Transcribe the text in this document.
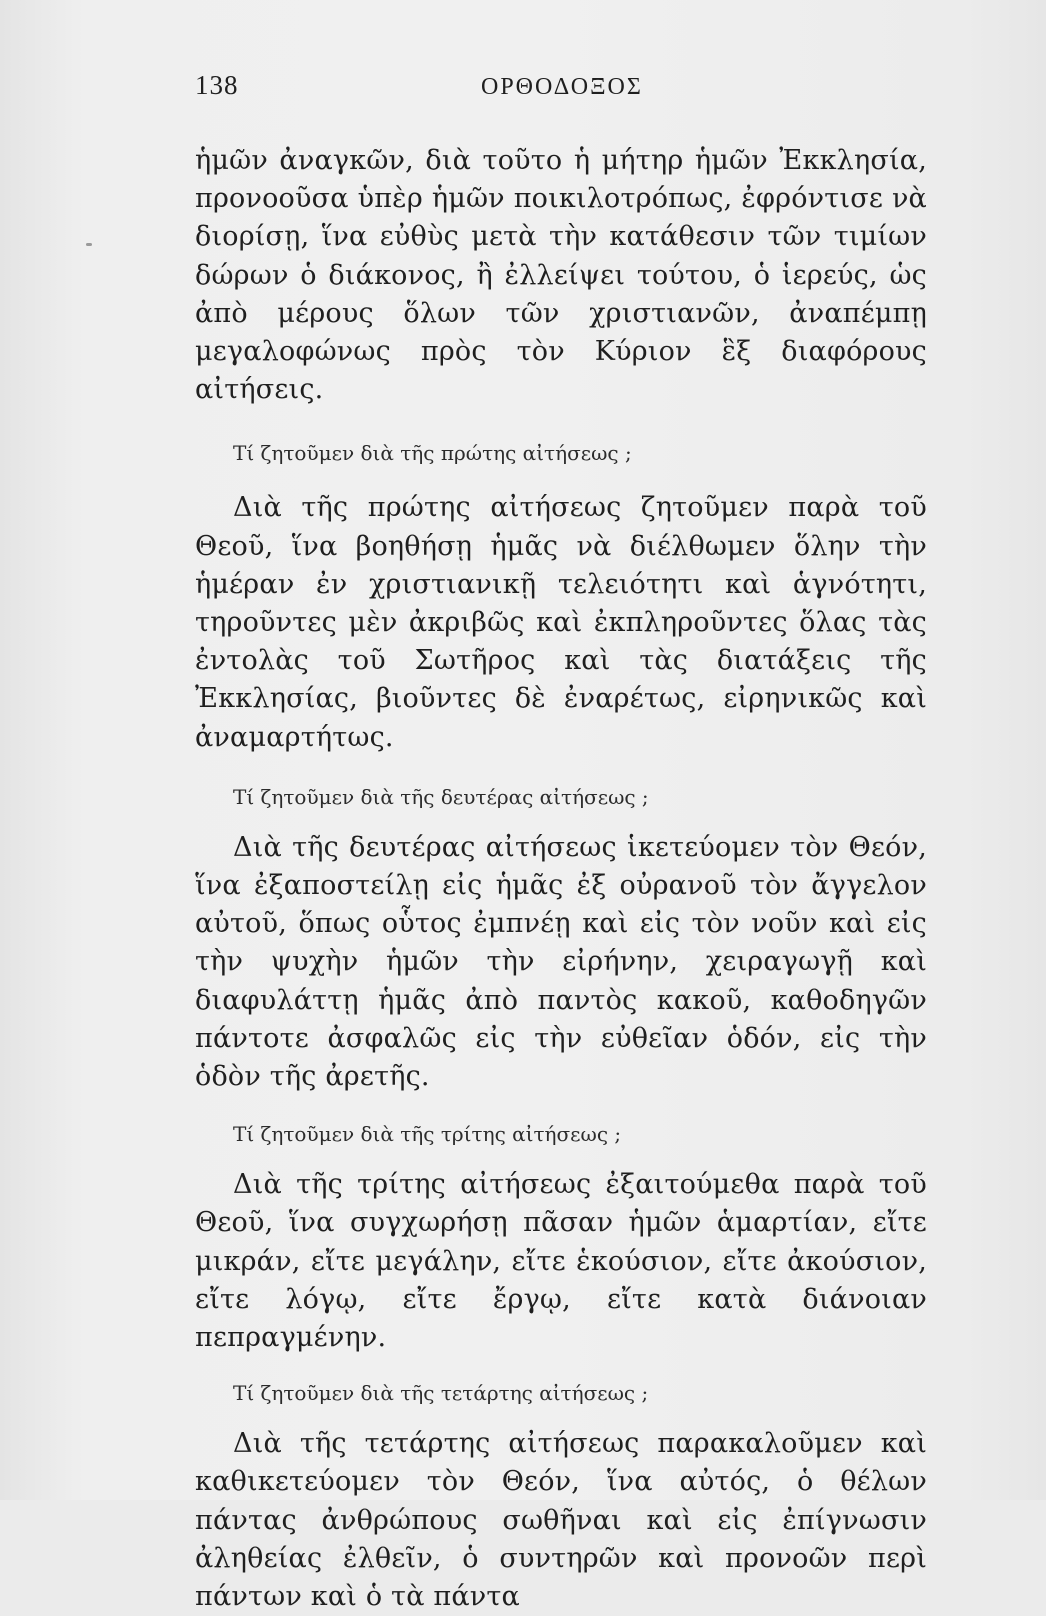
138	ΟΡΘΟΔΟΞΟΣ

ἡμῶν ἀναγκῶν, διὰ τοῦτο ἡ μήτηρ ἡμῶν Ἐκκλησία, προνοοῦσα ὑπὲρ ἡμῶν ποικιλοτρόπως, ἐφρόντισε νὰ διορίσῃ, ἵνα εὐθὺς μετὰ τὴν κατάθεσιν τῶν τιμίων δώρων ὁ διάκονος, ἢ ἐλλείψει τούτου, ὁ ἱερεύς, ὡς ἀπὸ μέρους ὅλων τῶν χριστιανῶν, ἀναπέμπῃ μεγαλοφώνως πρὸς τὸν Κύριον ἓξ διαφόρους αἰτήσεις.

Τί ζητοῦμεν διὰ τῆς πρώτης αἰτήσεως ;

Διὰ τῆς πρώτης αἰτήσεως ζητοῦμεν παρὰ τοῦ Θεοῦ, ἵνα βοηθήσῃ ἡμᾶς νὰ διέλθωμεν ὅλην τὴν ἡμέραν ἐν χριστιανικῇ τελειότητι καὶ ἁγνότητι, τηροῦντες μὲν ἀκριβῶς καὶ ἐκπληροῦντες ὅλας τὰς ἐντολὰς τοῦ Σωτῆρος καὶ τὰς διατάξεις τῆς Ἐκκλησίας, βιοῦντες δὲ ἐναρέτως, εἰρηνικῶς καὶ ἀναμαρτήτως.

Τί ζητοῦμεν διὰ τῆς δευτέρας αἰτήσεως ;

Διὰ τῆς δευτέρας αἰτήσεως ἱκετεύομεν τὸν Θεόν, ἵνα ἐξαποστείλῃ εἰς ἡμᾶς ἐξ οὐρανοῦ τὸν ἄγγελον αὐτοῦ, ὅπως οὗτος ἐμπνέῃ καὶ εἰς τὸν νοῦν καὶ εἰς τὴν ψυχὴν ἡμῶν τὴν εἰρήνην, χειραγωγῇ καὶ διαφυλάττῃ ἡμᾶς ἀπὸ παντὸς κακοῦ, καθοδηγῶν πάντοτε ἀσφαλῶς εἰς τὴν εὐθεῖαν ὁδόν, εἰς τὴν ὁδὸν τῆς ἀρετῆς.

Τί ζητοῦμεν διὰ τῆς τρίτης αἰτήσεως ;

Διὰ τῆς τρίτης αἰτήσεως ἐξαιτούμεθα παρὰ τοῦ Θεοῦ, ἵνα συγχωρήσῃ πᾶσαν ἡμῶν ἁμαρτίαν, εἴτε μικράν, εἴτε μεγάλην, εἴτε ἑκούσιον, εἴτε ἀκούσιον, εἴτε λόγῳ, εἴτε ἔργῳ, εἴτε κατὰ διάνοιαν πεπραγμένην.

Τί ζητοῦμεν διὰ τῆς τετάρτης αἰτήσεως ;

Διὰ τῆς τετάρτης αἰτήσεως παρακαλοῦμεν καὶ καθικετεύομεν τὸν Θεόν, ἵνα αὐτός, ὁ θέλων πάντας ἀνθρώπους σωθῆναι καὶ εἰς ἐπίγνωσιν ἀληθείας ἐλθεῖν, ὁ συντηρῶν καὶ προνοῶν περὶ πάντων καὶ ὁ τὰ πάντα
